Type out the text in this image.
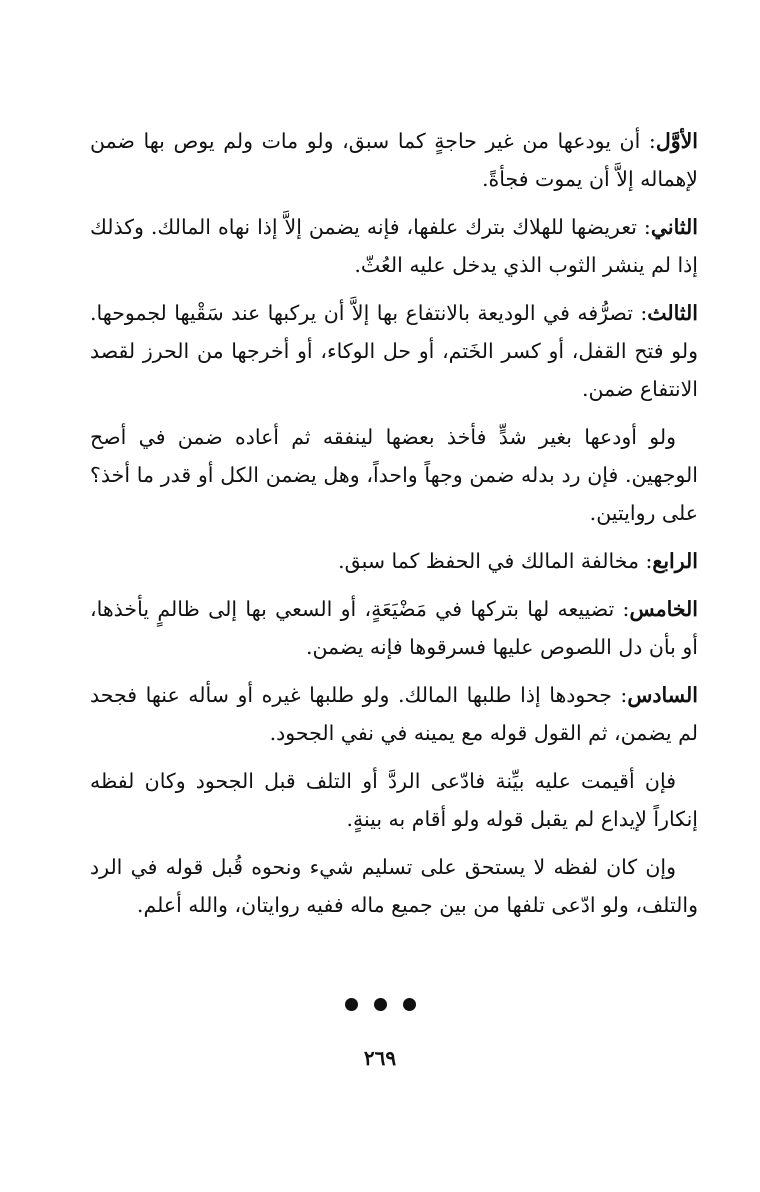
الأوَّل: أن يودعها من غير حاجةٍ كما سبق، ولو مات ولم يوص بها ضمن لإهماله إلاَّ أن يموت فجأةً.

الثاني: تعريضها للهلاك بترك علفها، فإنه يضمن إلاَّ إذا نهاه المالك. وكذلك إذا لم ينشر الثوب الذي يدخل عليه العُثّ.

الثالث: تصرُّفه في الوديعة بالانتفاع بها إلاَّ أن يركبها عند سَقْيها لجموحها. ولو فتح القفل، أو كسر الخَتم، أو حل الوكاء، أو أخرجها من الحرز لقصد الانتفاع ضمن.

ولو أودعها بغير شدٍّ فأخذ بعضها لينفقه ثم أعاده ضمن في أصح الوجهين. فإن رد بدله ضمن وجهاً واحداً، وهل يضمن الكل أو قدر ما أخذ؟ على روايتين.

الرابع: مخالفة المالك في الحفظ كما سبق.

الخامس: تضييعه لها بتركها في مَضْيَعَةٍ، أو السعي بها إلى ظالمٍ يأخذها، أو بأن دل اللصوص عليها فسرقوها فإنه يضمن.

السادس: جحودها إذا طلبها المالك. ولو طلبها غيره أو سأله عنها فجحد لم يضمن، ثم القول قوله مع يمينه في نفي الجحود.

فإن أقيمت عليه بيِّنة فادّعى الردَّ أو التلف قبل الجحود وكان لفظه إنكاراً لإيداع لم يقبل قوله ولو أقام به بينةٍ.

وإن كان لفظه لا يستحق على تسليم شيء ونحوه قُبل قوله في الرد والتلف، ولو ادّعى تلفها من بين جميع ماله ففيه روايتان، والله أعلم.

٢٦٩
